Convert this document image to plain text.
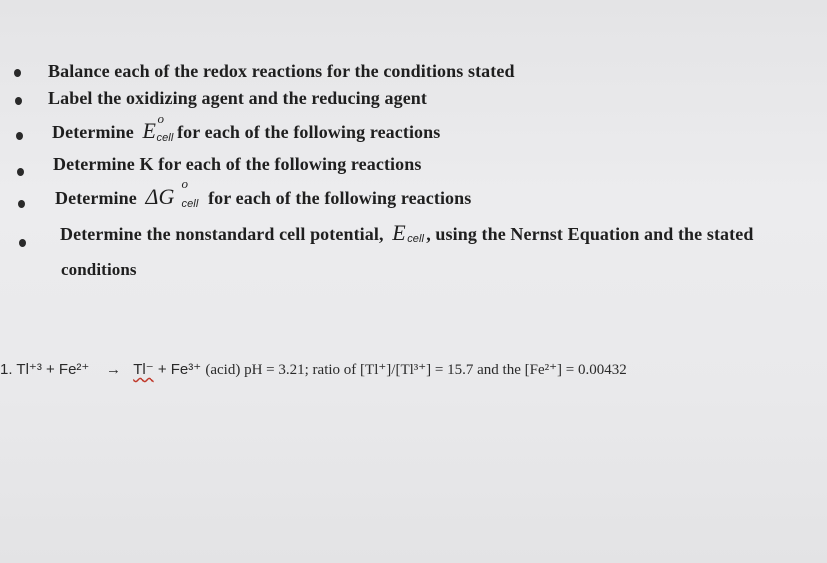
Balance each of the redox reactions for the conditions stated
Label the oxidizing agent and the reducing agent
Determine E o
cell for each of the following reactions
Determine K for each of the following reactions
Determine ΔG
o
cell for each of the following reactions
Determine the nonstandard cell potential, E cell , using the Nernst Equation and the stated
conditions
1. Tl⁺³ + Fe²⁺ → Tl⁻ + Fe³⁺ (acid) pH = 3.21; ratio of [Tl⁺]/[Tl³⁺] = 15.7 and the [Fe²⁺] = 0.00432
